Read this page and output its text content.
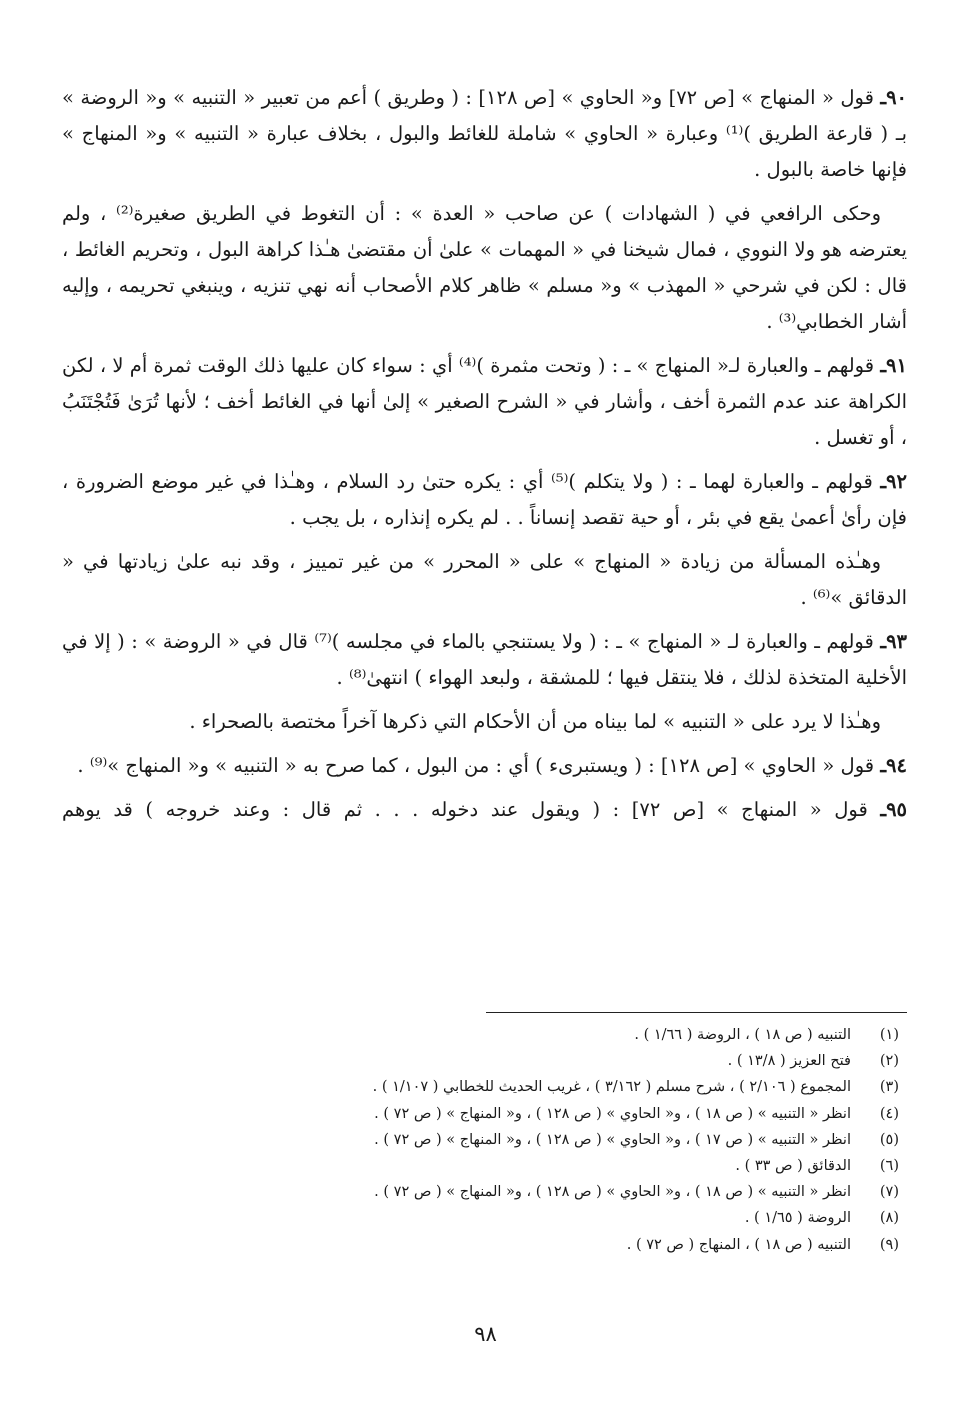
٩٠ـ قول « المنهاج » [ص ٧٢] و« الحاوي » [ص ١٢٨] : ( وطريق ) أعم من تعبير « التنبيه » و« الروضة » بـ ( قارعة الطريق )⁽¹⁾ وعبارة « الحاوي » شاملة للغائط والبول ، بخلاف عبارة « التنبيه » و« المنهاج » فإنها خاصة بالبول .

وحكى الرافعي في ( الشهادات ) عن صاحب « العدة » : أن التغوط في الطريق صغيرة⁽²⁾ ، ولم يعترضه هو ولا النووي ، فمال شيخنا في « المهمات » علىٰ أن مقتضىٰ هـٰذا كراهة البول ، وتحريم الغائط ، قال : لكن في شرحي « المهذب » و« مسلم » ظاهر كلام الأصحاب أنه نهي تنزيه ، وينبغي تحريمه ، وإليه أشار الخطابي⁽³⁾ .

٩١ـ قولهم ـ والعبارة لـ« المنهاج » ـ : ( وتحت مثمرة )⁽⁴⁾ أي : سواء كان عليها ذلك الوقت ثمرة أم لا ، لكن الكراهة عند عدم الثمرة أخف ، وأشار في « الشرح الصغير » إلىٰ أنها في الغائط أخف ؛ لأنها تُرَىٰ فَتُجْتَنَبُ ، أو تغسل .

٩٢ـ قولهم ـ والعبارة لهما ـ : ( ولا يتكلم )⁽⁵⁾ أي : يكره حتىٰ رد السلام ، وهـٰذا في غير موضع الضرورة ، فإن رأىٰ أعمىٰ يقع في بئر ، أو حية تقصد إنساناً . . لم يكره إنذاره ، بل يجب .

وهـٰذه المسألة من زيادة « المنهاج » على « المحرر » من غير تمييز ، وقد نبه علىٰ زيادتها في « الدقائق »⁽⁶⁾ .

٩٣ـ قولهم ـ والعبارة لـ « المنهاج » ـ : ( ولا يستنجي بالماء في مجلسه )⁽⁷⁾ قال في « الروضة » : ( إلا في الأخلية المتخذة لذلك ، فلا ينتقل فيها ؛ للمشقة ، ولبعد الهواء ) انتهىٰ⁽⁸⁾ .

وهـٰذا لا يرد على « التنبيه » لما بيناه من أن الأحكام التي ذكرها آخراً مختصة بالصحراء .

٩٤ـ قول « الحاوي » [ص ١٢٨] : ( ويستبرىء ) أي : من البول ، كما صرح به « التنبيه » و« المنهاج »⁽⁹⁾ .

٩٥ـ قول « المنهاج » [ص ٧٢] : ( ويقول عند دخوله . . . ثم قال : وعند خروجه ) قد يوهم

(١)
التنبيه ( ص ١٨ ) ، الروضة ( ١/٦٦ ) .
(٢)
فتح العزيز ( ١٣/٨ ) .
(٣)
المجموع ( ٢/١٠٦ ) ، شرح مسلم ( ٣/١٦٢ ) ، غريب الحديث للخطابي ( ١/١٠٧ ) .
(٤)
انظر « التنبيه » ( ص ١٨ ) ، و« الحاوي » ( ص ١٢٨ ) ، و« المنهاج » ( ص ٧٢ ) .
(٥)
انظر « التنبيه » ( ص ١٧ ) ، و« الحاوي » ( ص ١٢٨ ) ، و« المنهاج » ( ص ٧٢ ) .
(٦)
الدقائق ( ص ٣٣ ) .
(٧)
انظر « التنبيه » ( ص ١٨ ) ، و« الحاوي » ( ص ١٢٨ ) ، و« المنهاج » ( ص ٧٢ ) .
(٨)
الروضة ( ١/٦٥ ) .
(٩)
التنبيه ( ص ١٨ ) ، المنهاج ( ص ٧٢ ) .
٩٨
